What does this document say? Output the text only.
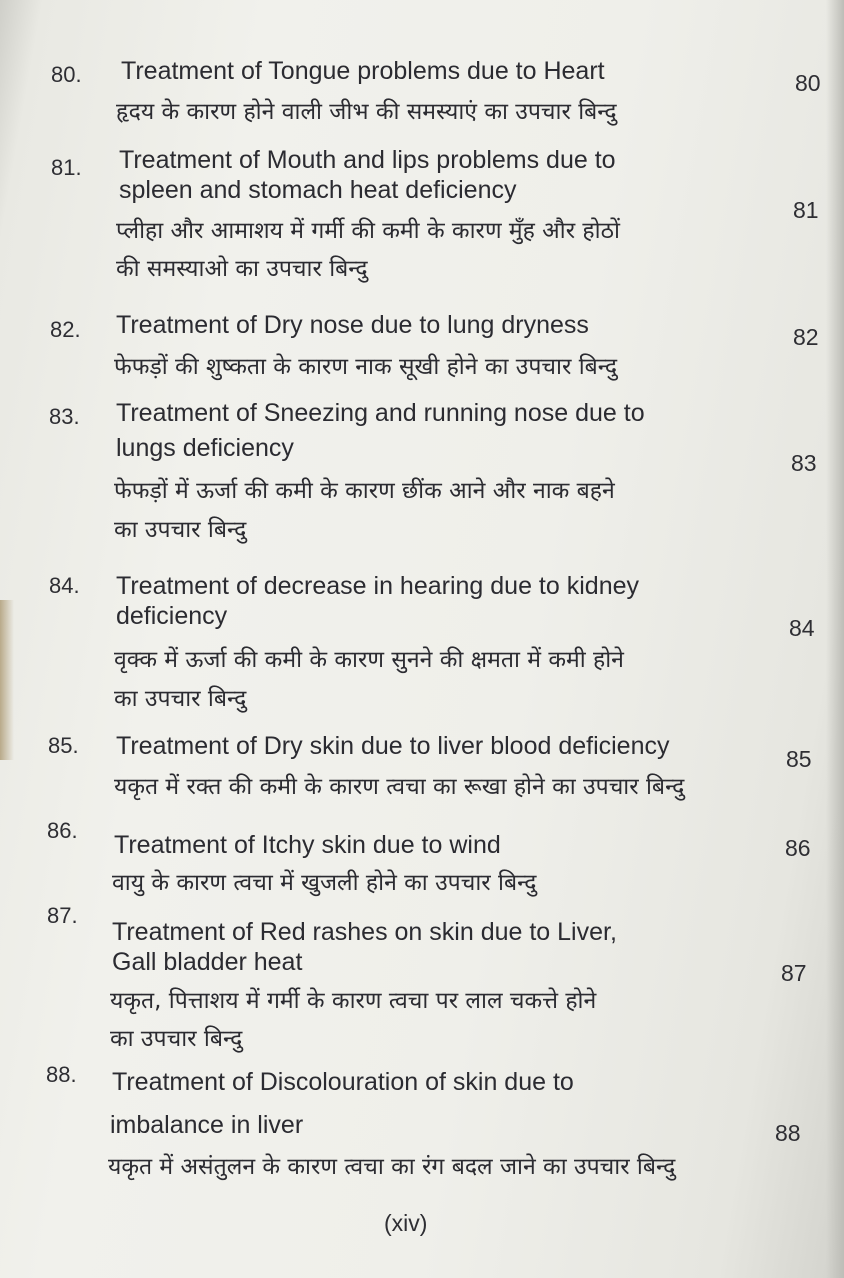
80. Treatment of Tongue problems due to Heart
हृदय के कारण होने वाली जीभ की समस्याएं का उपचार बिन्दु
80
81. Treatment of Mouth and lips problems due to
spleen and stomach heat deficiency
प्लीहा और आमाशय में गर्मी की कमी के कारण मुँह और होठों
की समस्याओ का उपचार बिन्दु
81
82. Treatment of Dry nose due to lung dryness
फेफड़ों की शुष्कता के कारण नाक सूखी होने का उपचार बिन्दु
82
83. Treatment of Sneezing and running nose due to
lungs deficiency
फेफड़ों में ऊर्जा की कमी के कारण छींक आने और नाक बहने
का उपचार बिन्दु
83
84. Treatment of decrease in hearing due to kidney
deficiency
वृक्क में ऊर्जा की कमी के कारण सुनने की क्षमता में कमी होने
का उपचार बिन्दु
84
85. Treatment of Dry skin due to liver blood deficiency
यकृत में रक्त की कमी के कारण त्वचा का रूखा होने का उपचार बिन्दु
85
86.
Treatment of Itchy skin due to wind
वायु के कारण त्वचा में खुजली होने का उपचार बिन्दु
86
87.
Treatment of Red rashes on skin due to Liver,
Gall bladder heat
यकृत, पित्ताशय में गर्मी के कारण त्वचा पर लाल चकत्ते होने
का उपचार बिन्दु
87
88. Treatment of Discolouration of skin due to
imbalance in liver
यकृत में असंतुलन के कारण त्वचा का रंग बदल जाने का उपचार बिन्दु
88
(xiv)
